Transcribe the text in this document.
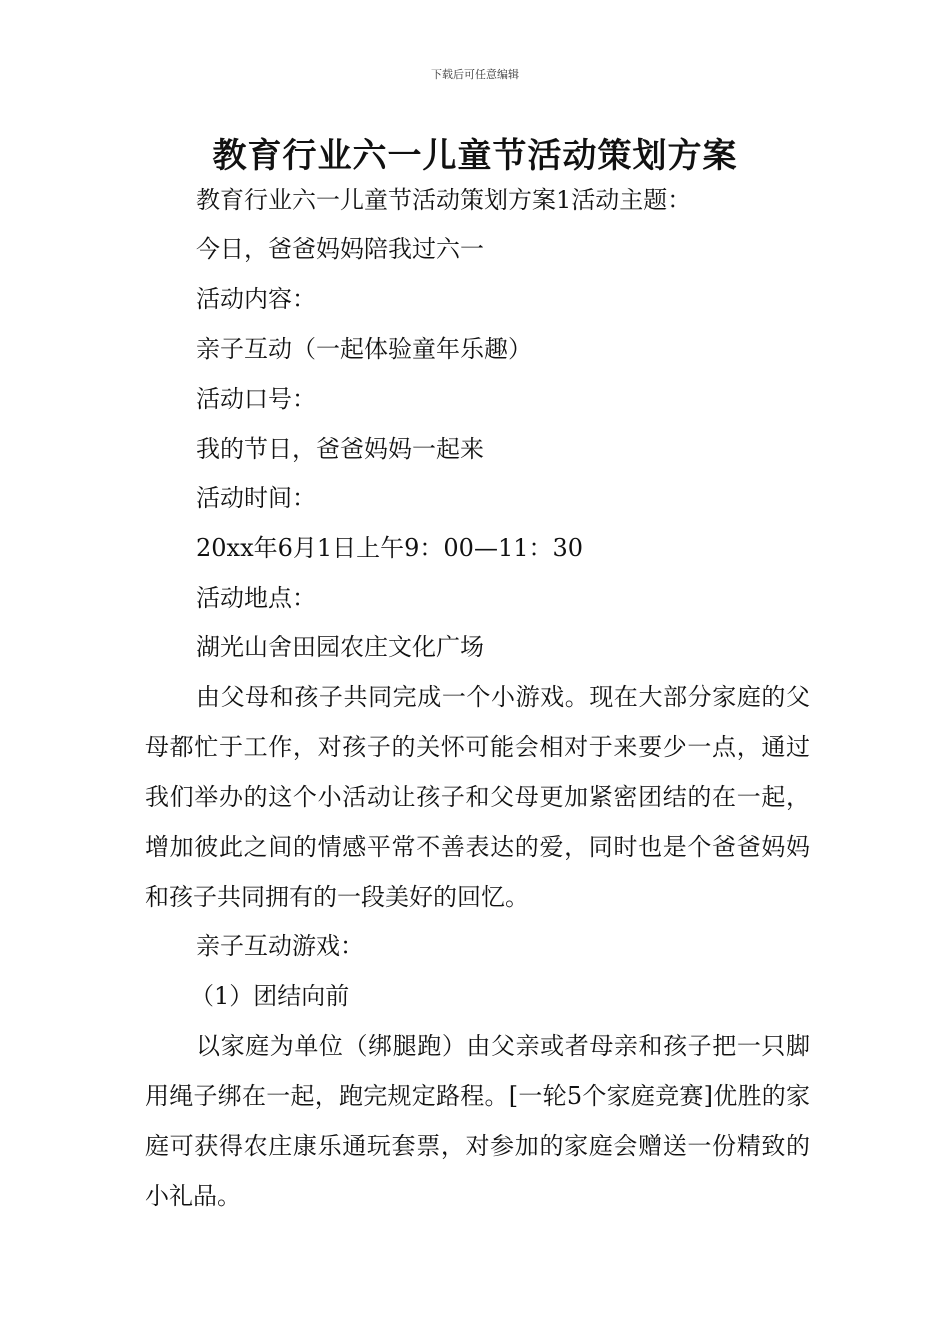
下载后可任意编辑
教育行业六一儿童节活动策划方案
教育行业六一儿童节活动策划方案1活动主题：
今日，爸爸妈妈陪我过六一
活动内容：
亲子互动（一起体验童年乐趣）
活动口号：
我的节日，爸爸妈妈一起来
活动时间：
20xx年6月1日上午9：00—11：30
活动地点：
湖光山舍田园农庄文化广场
由父母和孩子共同完成一个小游戏。现在大部分家庭的父母都忙于工作，对孩子的关怀可能会相对于来要少一点，通过我们举办的这个小活动让孩子和父母更加紧密团结的在一起，增加彼此之间的情感平常不善表达的爱，同时也是个爸爸妈妈和孩子共同拥有的一段美好的回忆。
亲子互动游戏：
（1）团结向前
以家庭为单位（绑腿跑）由父亲或者母亲和孩子把一只脚用绳子绑在一起，跑完规定路程。[一轮5个家庭竞赛]优胜的家庭可获得农庄康乐通玩套票，对参加的家庭会赠送一份精致的小礼品。
